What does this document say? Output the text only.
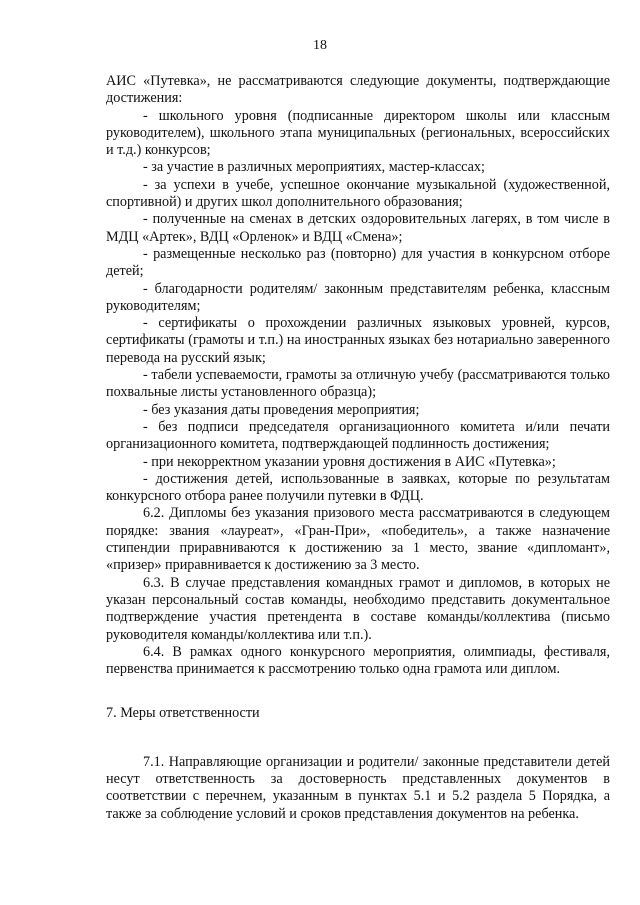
18

АИС «Путевка», не рассматриваются следующие документы, подтверждающие достижения:

- школьного уровня (подписанные директором школы или классным руководителем), школьного этапа муниципальных (региональных, всероссийских и т.д.) конкурсов;

- за участие в различных мероприятиях, мастер-классах;

- за успехи в учебе, успешное окончание музыкальной (художественной, спортивной) и других школ дополнительного образования;

- полученные на сменах в детских оздоровительных лагерях, в том числе в МДЦ «Артек», ВДЦ «Орленок» и ВДЦ «Смена»;

- размещенные несколько раз (повторно) для участия в конкурсном отборе детей;

- благодарности родителям/ законным представителям ребенка, классным руководителям;

- сертификаты о прохождении различных языковых уровней, курсов, сертификаты (грамоты и т.п.) на иностранных языках без нотариально заверенного перевода на русский язык;

- табели успеваемости, грамоты за отличную учебу (рассматриваются только похвальные листы установленного образца);

- без указания даты проведения мероприятия;

- без подписи председателя организационного комитета и/или печати организационного комитета, подтверждающей подлинность достижения;

- при некорректном указании уровня достижения в АИС «Путевка»;

- достижения детей, использованные в заявках, которые по результатам конкурсного отбора ранее получили путевки в ФДЦ.

6.2. Дипломы без указания призового места рассматриваются в следующем порядке: звания «лауреат», «Гран-При», «победитель», а также назначение стипендии приравниваются к достижению за 1 место, звание «дипломант», «призер» приравнивается к достижению за 3 место.

6.3. В случае представления командных грамот и дипломов, в которых не указан персональный состав команды, необходимо представить документальное подтверждение участия претендента в составе команды/коллектива (письмо руководителя команды/коллектива или т.п.).

6.4. В рамках одного конкурсного мероприятия, олимпиады, фестиваля, первенства принимается к рассмотрению только одна грамота или диплом.

7. Меры ответственности

7.1. Направляющие организации и родители/ законные представители детей несут ответственность за достоверность представленных документов в соответствии с перечнем, указанным в пунктах 5.1 и 5.2 раздела 5 Порядка, а также за соблюдение условий и сроков представления документов на ребенка.
